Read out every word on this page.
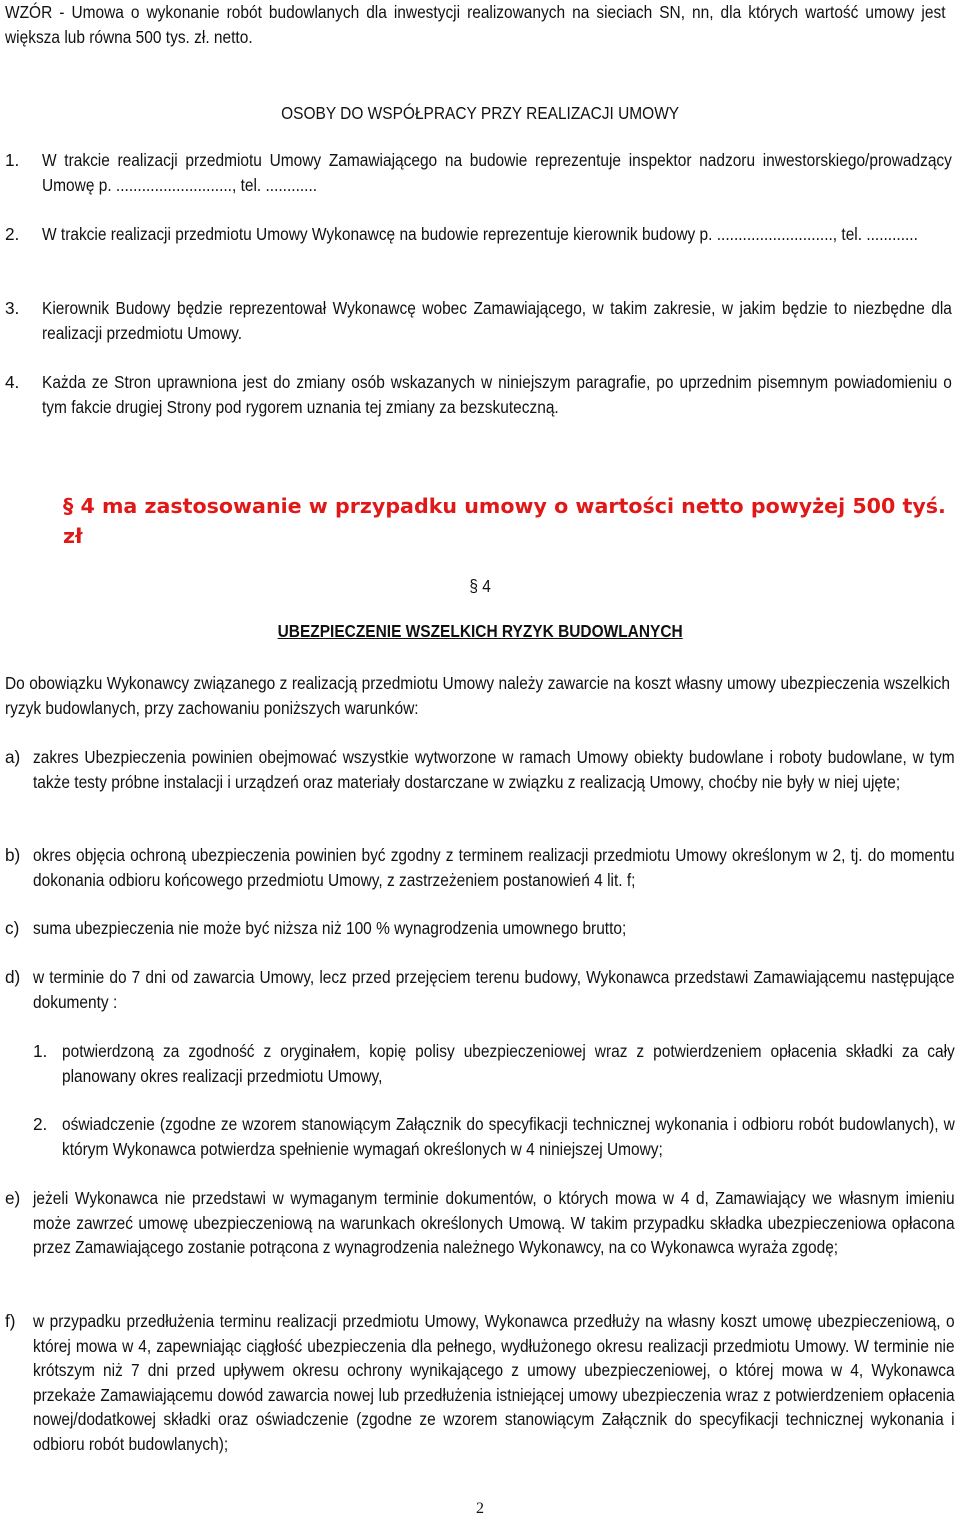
WZÓR - Umowa o wykonanie robót budowlanych dla inwestycji realizowanych na sieciach SN, nn, dla których wartość umowy jest większa lub równa 500 tys. zł. netto.

OSOBY DO WSPÓŁPRACY PRZY REALIZACJI UMOWY

1. W trakcie realizacji przedmiotu Umowy Zamawiającego na budowie reprezentuje inspektor nadzoru inwestorskiego/prowadzący Umowę p. ..........................., tel. ............

2. W trakcie realizacji przedmiotu Umowy Wykonawcę na budowie reprezentuje kierownik budowy p. ..........................., tel. ............

3. Kierownik Budowy będzie reprezentował Wykonawcę wobec Zamawiającego, w takim zakresie, w jakim będzie to niezbędne dla realizacji przedmiotu Umowy.

4. Każda ze Stron uprawniona jest do zmiany osób wskazanych w niniejszym paragrafie, po uprzednim pisemnym powiadomieniu o tym fakcie drugiej Strony pod rygorem uznania tej zmiany za bezskuteczną.

§ 4 ma zastosowanie w przypadku umowy o wartości netto powyżej 500 tyś. zł

§ 4

UBEZPIECZENIE WSZELKICH RYZYK BUDOWLANYCH

Do obowiązku Wykonawcy związanego z realizacją przedmiotu Umowy należy zawarcie na koszt własny umowy ubezpieczenia wszelkich ryzyk budowlanych, przy zachowaniu poniższych warunków:

a) zakres Ubezpieczenia powinien obejmować wszystkie wytworzone w ramach Umowy obiekty budowlane i roboty budowlane, w tym także testy próbne instalacji i urządzeń oraz materiały dostarczane w związku z realizacją Umowy, choćby nie były w niej ujęte;

b) okres objęcia ochroną ubezpieczenia powinien być zgodny z terminem realizacji przedmiotu Umowy określonym w 2, tj. do momentu dokonania odbioru końcowego przedmiotu Umowy, z zastrzeżeniem postanowień 4 lit. f;

c) suma ubezpieczenia nie może być niższa niż 100 % wynagrodzenia umownego brutto;

d) w terminie do 7 dni od zawarcia Umowy, lecz przed przejęciem terenu budowy, Wykonawca przedstawi Zamawiającemu następujące dokumenty :

1. potwierdzoną za zgodność z oryginałem, kopię polisy ubezpieczeniowej wraz z potwierdzeniem opłacenia składki za cały planowany okres realizacji przedmiotu Umowy,

2. oświadczenie (zgodne ze wzorem stanowiącym Załącznik do specyfikacji technicznej wykonania i odbioru robót budowlanych), w którym Wykonawca potwierdza spełnienie wymagań określonych w 4 niniejszej Umowy;

e) jeżeli Wykonawca nie przedstawi w wymaganym terminie dokumentów, o których mowa w 4 d, Zamawiający we własnym imieniu może zawrzeć umowę ubezpieczeniową na warunkach określonych Umową. W takim przypadku składka ubezpieczeniowa opłacona przez Zamawiającego zostanie potrącona z wynagrodzenia należnego Wykonawcy, na co Wykonawca wyraża zgodę;

f) w przypadku przedłużenia terminu realizacji przedmiotu Umowy, Wykonawca przedłuży na własny koszt umowę ubezpieczeniową, o której mowa w 4, zapewniając ciągłość ubezpieczenia dla pełnego, wydłużonego okresu realizacji przedmiotu Umowy. W terminie nie krótszym niż 7 dni przed upływem okresu ochrony wynikającego z umowy ubezpieczeniowej, o której mowa w 4, Wykonawca przekaże Zamawiającemu dowód zawarcia nowej lub przedłużenia istniejącej umowy ubezpieczenia wraz z potwierdzeniem opłacenia nowej/dodatkowej składki oraz oświadczenie (zgodne ze wzorem stanowiącym Załącznik do specyfikacji technicznej wykonania i odbioru robót budowlanych);

2
